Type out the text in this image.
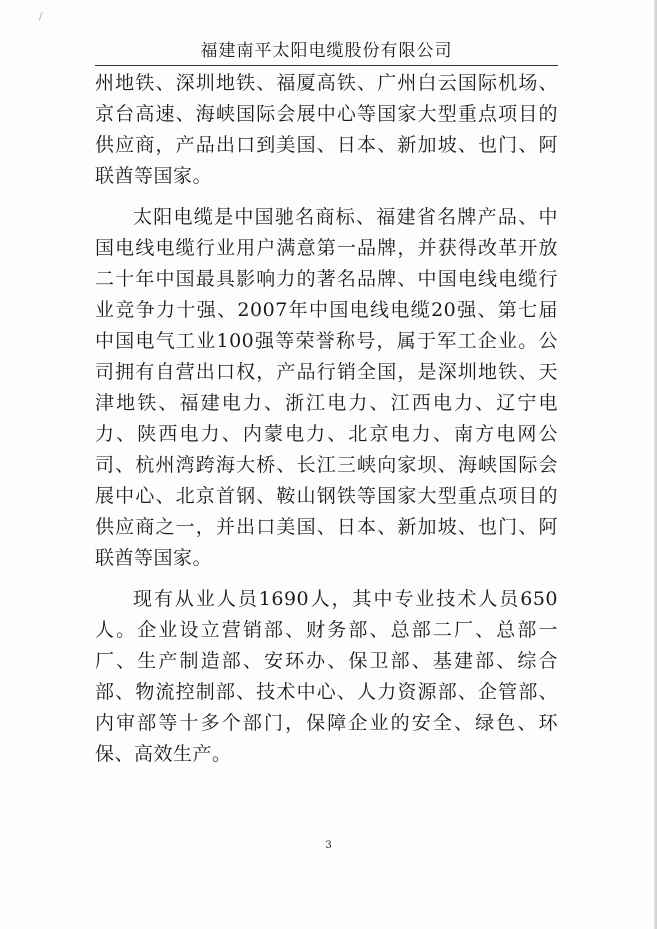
福建南平太阳电缆股份有限公司

州地铁、深圳地铁、福厦高铁、广州白云国际机场、京台高速、海峡国际会展中心等国家大型重点项目的供应商，产品出口到美国、日本、新加坡、也门、阿联酋等国家。

太阳电缆是中国驰名商标、福建省名牌产品、中国电线电缆行业用户满意第一品牌，并获得改革开放二十年中国最具影响力的著名品牌、中国电线电缆行业竞争力十强、2007年中国电线电缆20强、第七届中国电气工业100强等荣誉称号，属于军工企业。公司拥有自营出口权，产品行销全国，是深圳地铁、天津地铁、福建电力、浙江电力、江西电力、辽宁电力、陕西电力、内蒙电力、北京电力、南方电网公司、杭州湾跨海大桥、长江三峡向家坝、海峡国际会展中心、北京首钢、鞍山钢铁等国家大型重点项目的供应商之一，并出口美国、日本、新加坡、也门、阿联酋等国家。

现有从业人员1690人，其中专业技术人员650人。企业设立营销部、财务部、总部二厂、总部一厂、生产制造部、安环办、保卫部、基建部、综合部、物流控制部、技术中心、人力资源部、企管部、内审部等十多个部门，保障企业的安全、绿色、环保、高效生产。

3
